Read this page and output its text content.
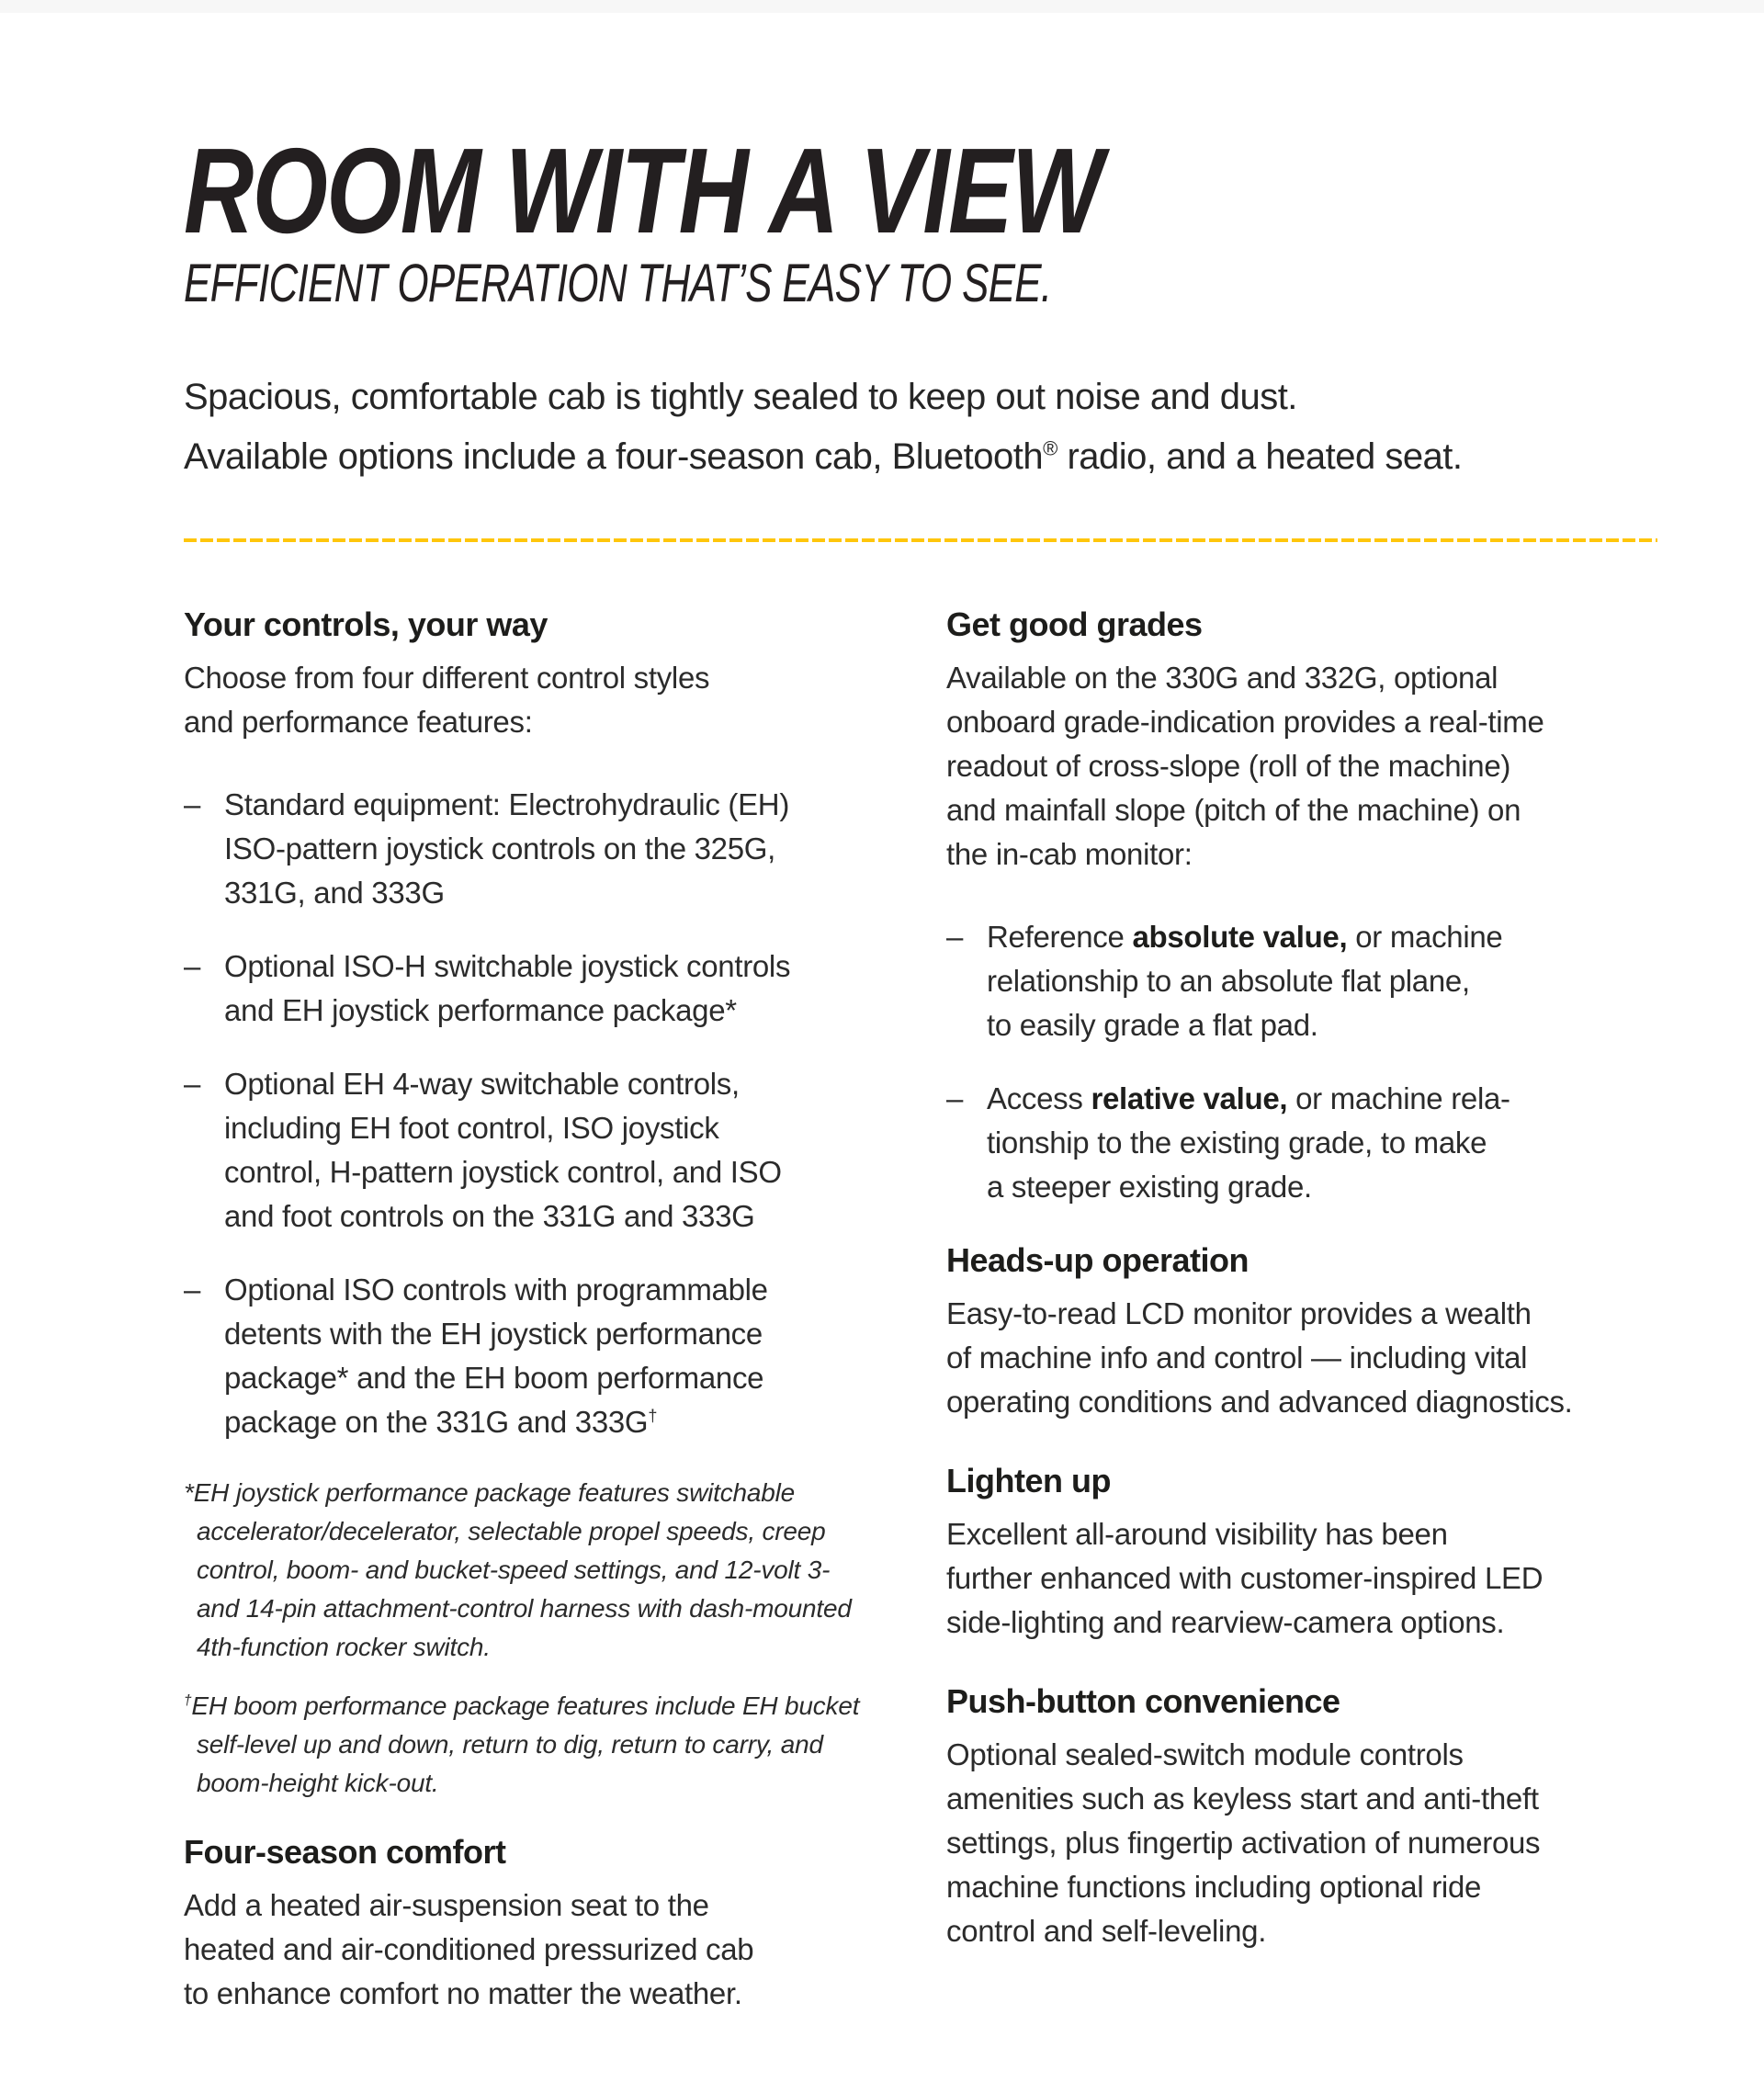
ROOM WITH A VIEW
EFFICIENT OPERATION THAT’S EASY TO SEE.

Spacious, comfortable cab is tightly sealed to keep out noise and dust.
Available options include a four-season cab, Bluetooth® radio, and a heated seat.

Your controls, your way

Choose from four different control styles
and performance features:

– Standard equipment: Electrohydraulic (EH)
ISO-pattern joystick controls on the 325G,
331G, and 333G
– Optional ISO-H switchable joystick controls
and EH joystick performance package*
– Optional EH 4-way switchable controls,
including EH foot control, ISO joystick
control, H-pattern joystick control, and ISO
and foot controls on the 331G and 333G
– Optional ISO controls with programmable
detents with the EH joystick performance
package* and the EH boom performance
package on the 331G and 333G†

*EH joystick performance package features switchable
accelerator/decelerator, selectable propel speeds, creep
control, boom- and bucket-speed settings, and 12-volt 3-
and 14-pin attachment-control harness with dash-mounted
4th-function rocker switch.

†EH boom performance package features include EH bucket
self-level up and down, return to dig, return to carry, and
boom-height kick-out.

Four-season comfort

Add a heated air-suspension seat to the
heated and air-conditioned pressurized cab
to enhance comfort no matter the weather.

Get good grades

Available on the 330G and 332G, optional
onboard grade-indication provides a real-time
readout of cross-slope (roll of the machine)
and mainfall slope (pitch of the machine) on
the in-cab monitor:

– Reference absolute value, or machine
relationship to an absolute flat plane,
to easily grade a flat pad.
– Access relative value, or machine rela-
tionship to the existing grade, to make
a steeper existing grade.
Heads-up operation

Easy-to-read LCD monitor provides a wealth
of machine info and control — including vital
operating conditions and advanced diagnostics.

Lighten up

Excellent all-around visibility has been
further enhanced with customer-inspired LED
side-lighting and rearview-camera options.

Push-button convenience

Optional sealed-switch module controls
amenities such as keyless start and anti-theft
settings, plus fingertip activation of numerous
machine functions including optional ride
control and self-leveling.
